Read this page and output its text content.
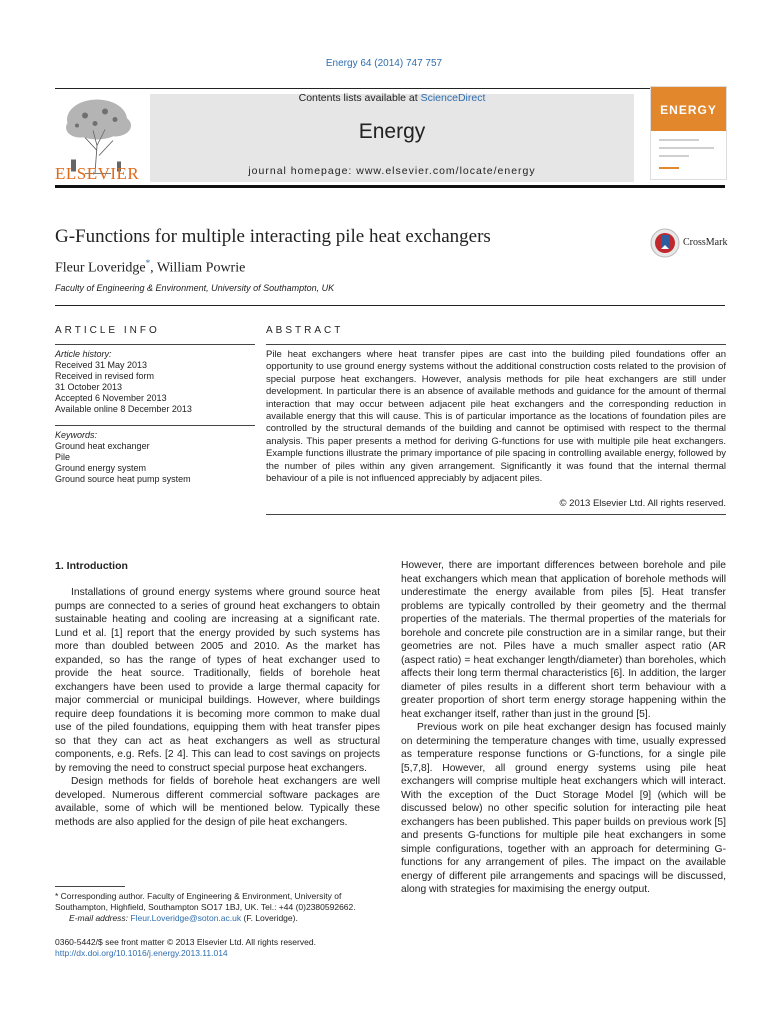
Energy 64 (2014) 747 757
ELSEVIER
Contents lists available at ScienceDirect
Energy
journal homepage: www.elsevier.com/locate/energy
ENERGY
G-Functions for multiple interacting pile heat exchangers	CrossMark
Fleur Loveridge*, William Powrie
Faculty of Engineering & Environment, University of Southampton, UK
ARTICLE INFO
Article history:
Received 31 May 2013
Received in revised form
31 October 2013
Accepted 6 November 2013
Available online 8 December 2013
Keywords:
Ground heat exchanger
Pile
Ground energy system
Ground source heat pump system
ABSTRACT
Pile heat exchangers where heat transfer pipes are cast into the building piled foundations offer an opportunity to use ground energy systems without the additional construction costs related to the provision of special purpose heat exchangers. However, analysis methods for pile heat exchangers are still under development. In particular there is an absence of available methods and guidance for the amount of thermal interaction that may occur between adjacent pile heat exchangers and the corresponding reduction in available energy that this will cause. This is of particular importance as the locations of foundation piles are controlled by the structural demands of the building and cannot be optimised with respect to the thermal analysis. This paper presents a method for deriving G-functions for use with multiple pile heat exchangers. Example functions illustrate the primary importance of pile spacing in controlling available energy, followed by the number of piles within any given arrangement. Significantly it was found that the internal thermal behaviour of a pile is not influenced appreciably by adjacent piles.
© 2013 Elsevier Ltd. All rights reserved.
1. Introduction

Installations of ground energy systems where ground source heat pumps are connected to a series of ground heat exchangers to obtain sustainable heating and cooling are increasing at a significant rate. Lund et al. [1] report that the energy provided by such systems has more than doubled between 2005 and 2010. As the market has expanded, so has the range of types of heat exchanger used to provide the heat source. Traditionally, fields of borehole heat exchangers have been used to provide a large thermal capacity for major commercial or municipal buildings. However, where buildings require deep foundations it is becoming more common to make dual use of the piled foundations, equipping them with heat transfer pipes so that they can act as heat exchangers as well as structural components, e.g. Refs. [2 4]. This can lead to cost savings on projects by removing the need to construct special purpose heat exchangers.

Design methods for fields of borehole heat exchangers are well developed. Numerous different commercial software packages are available, some of which will be mentioned below. Typically these methods are also applied for the design of pile heat exchangers.

However, there are important differences between borehole and pile heat exchangers which mean that application of borehole methods will underestimate the energy available from piles [5]. Heat transfer problems are typically controlled by their geometry and the thermal properties of the materials. The thermal properties of the materials for borehole and concrete pile construction are in a similar range, but their geometries are not. Piles have a much smaller aspect ratio (AR (aspect ratio) = heat exchanger length/diameter) than boreholes, which affects their long term thermal characteristics [6]. In addition, the larger diameter of piles results in a different short term behaviour with a greater proportion of short term energy storage happening within the heat exchanger itself, rather than just in the ground [5].

Previous work on pile heat exchanger design has focused mainly on determining the temperature changes with time, usually expressed as temperature response functions or G-functions, for a single pile [5,7,8]. However, all ground energy systems using pile heat exchangers will comprise multiple heat exchangers which will interact. With the exception of the Duct Storage Model [9] (which will be discussed below) no other specific solution for interacting pile heat exchangers has been published. This paper builds on previous work [5] and presents G-functions for multiple pile heat exchangers in some simple configurations, together with an approach for determining G-functions for any arrangement of piles. The impact on the available energy of different pile arrangements and spacings will be discussed, along with strategies for maximising the energy output.

* Corresponding author. Faculty of Engineering & Environment, University of Southampton, Highfield, Southampton SO17 1BJ, UK. Tel.: +44 (0)2380592662.
E-mail address: Fleur.Loveridge@soton.ac.uk (F. Loveridge).
0360-5442/$ see front matter © 2013 Elsevier Ltd. All rights reserved.
http://dx.doi.org/10.1016/j.energy.2013.11.014
